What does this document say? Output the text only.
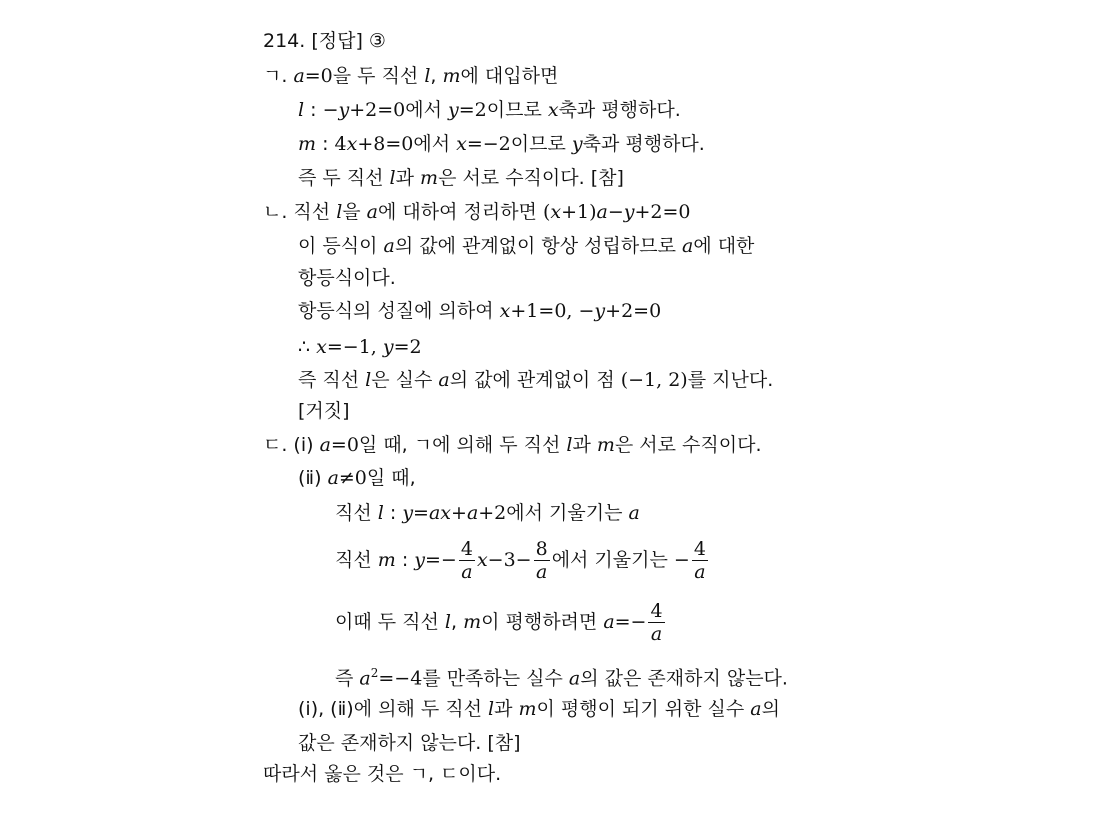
214. [정답] ③
ㄱ. a=0을 두 직선 l, m에 대입하면
l : −y+2=0에서 y=2이므로 x축과 평행하다.
m : 4x+8=0에서 x=−2이므로 y축과 평행하다.
즉 두 직선 l과 m은 서로 수직이다. [참]
ㄴ. 직선 l을 a에 대하여 정리하면 (x+1)a−y+2=0
이 등식이 a의 값에 관계없이 항상 성립하므로 a에 대한
항등식이다.
항등식의 성질에 의하여 x+1=0, −y+2=0
∴ x=−1, y=2
즉 직선 l은 실수 a의 값에 관계없이 점 (−1, 2)를 지난다.
[거짓]
ㄷ. (ⅰ) a=0일 때, ㄱ에 의해 두 직선 l과 m은 서로 수직이다.
(ⅱ) a≠0일 때,
직선 l : y=ax+a+2에서 기울기는 a
직선 m : $y=- \frac{4}{a} x-3- \frac{8}{a}$ 에서 기울기는 − $\frac{4}{a}$
이때 두 직선 l, m이 평행하려면 $a=- \frac{4}{a}$
즉 $a^2=-4$를 만족하는 실수 a의 값은 존재하지 않는다.
(ⅰ), (ⅱ)에 의해 두 직선 l과 m이 평행이 되기 위한 실수 a의
값은 존재하지 않는다. [참]
따라서 옳은 것은 ㄱ, ㄷ이다.
